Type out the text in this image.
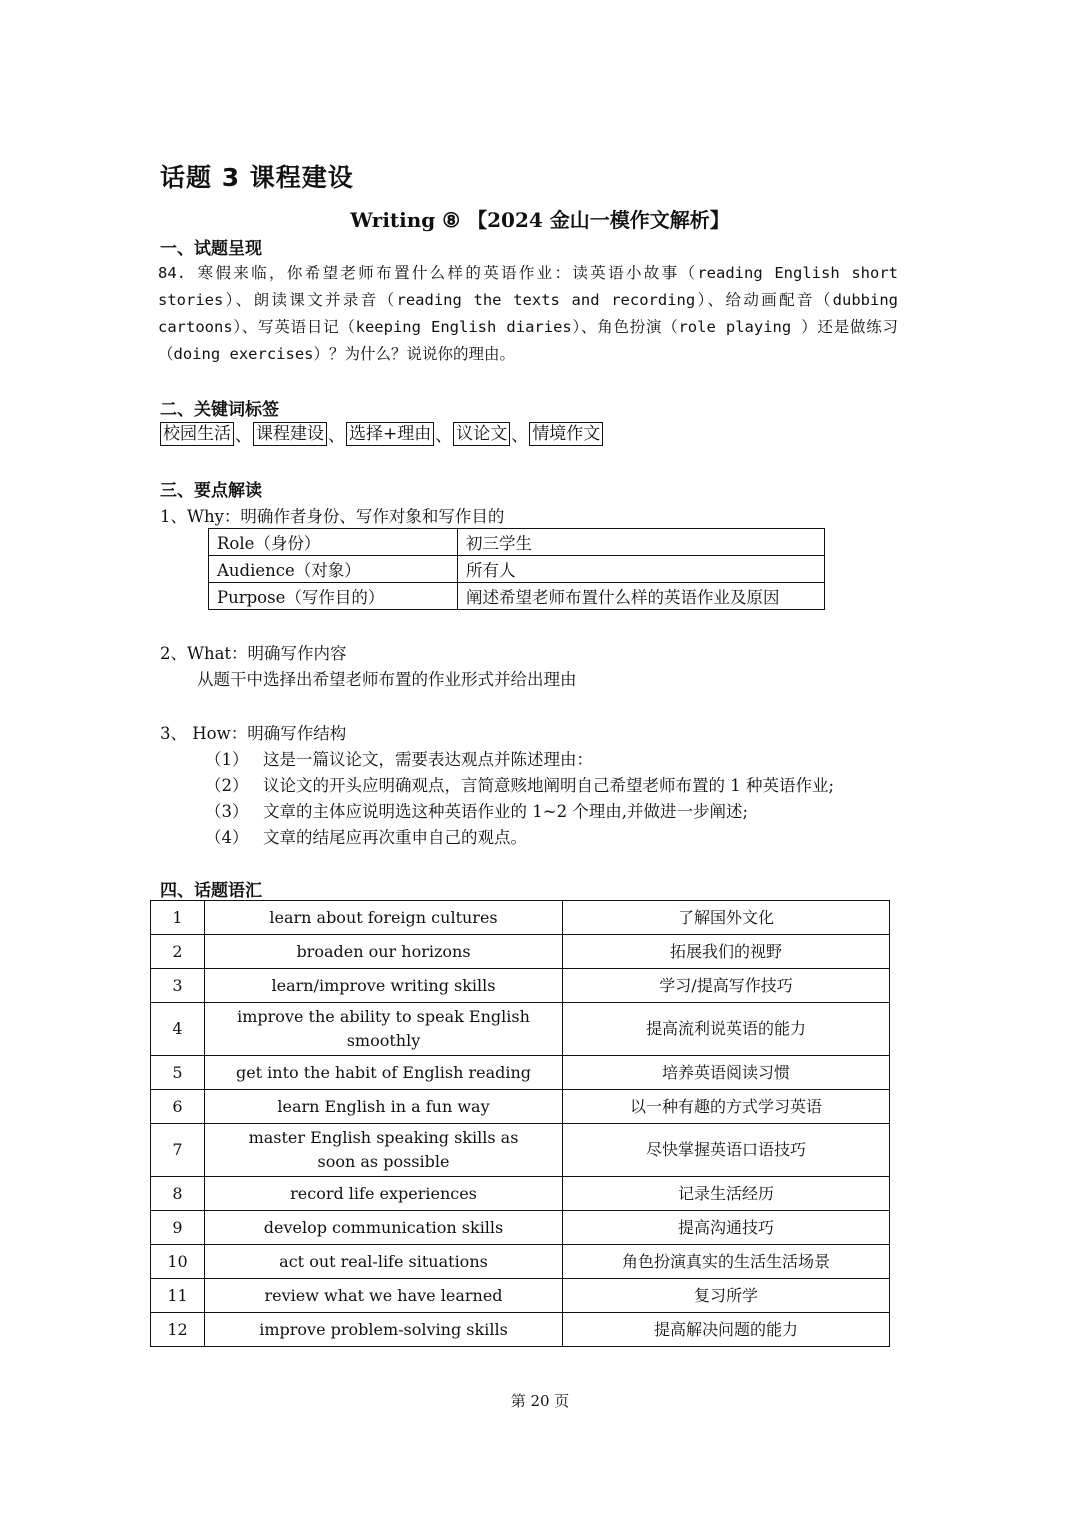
话题 3 课程建设
Writing ⑧ 【2024 金山一模作文解析】
一、试题呈现

84. 寒假来临，你希望老师布置什么样的英语作业：读英语小故事（reading English short stories）、朗读课文并录音（reading the texts and recording）、给动画配音（dubbing cartoons）、写英语日记（keeping English diaries）、角色扮演（role playing ）还是做练习（doing exercises）？为什么？说说你的理由。

二、关键词标签
校园生活 、 课程建设 、 选择+理由 、 议论文 、 情境作文
三、要点解读

1、Why：明确作者身份、写作对象和写作目的

Role（身份）	初三学生
Audience（对象）	所有人
Purpose（写作目的）	阐述希望老师布置什么样的英语作业及原因

2、What：明确写作内容

从题干中选择出希望老师布置的作业形式并给出理由

3、 How：明确写作结构

（1） 这是一篇议论文，需要表达观点并陈述理由：

（2） 议论文的开头应明确观点，言简意赅地阐明自己希望老师布置的 1 种英语作业;

（3） 文章的主体应说明选这种英语作业的 1~2 个理由,并做进一步阐述;

（4） 文章的结尾应再次重申自己的观点。

四、话题语汇
1	learn about foreign cultures	了解国外文化
2	broaden our horizons	拓展我们的视野
3	learn/improve writing skills	学习/提高写作技巧
4	improve the ability to speak English smoothly	提高流利说英语的能力
5	get into the habit of English reading	培养英语阅读习惯
6	learn English in a fun way	以一种有趣的方式学习英语
7	master English speaking skills as
soon as possible	尽快掌握英语口语技巧
8	record life experiences	记录生活经历
9	develop communication skills	提高沟通技巧
10	act out real-life situations	角色扮演真实的生活生活场景
11	review what we have learned	复习所学
12	improve problem-solving skills	提高解决问题的能力

第 20 页
